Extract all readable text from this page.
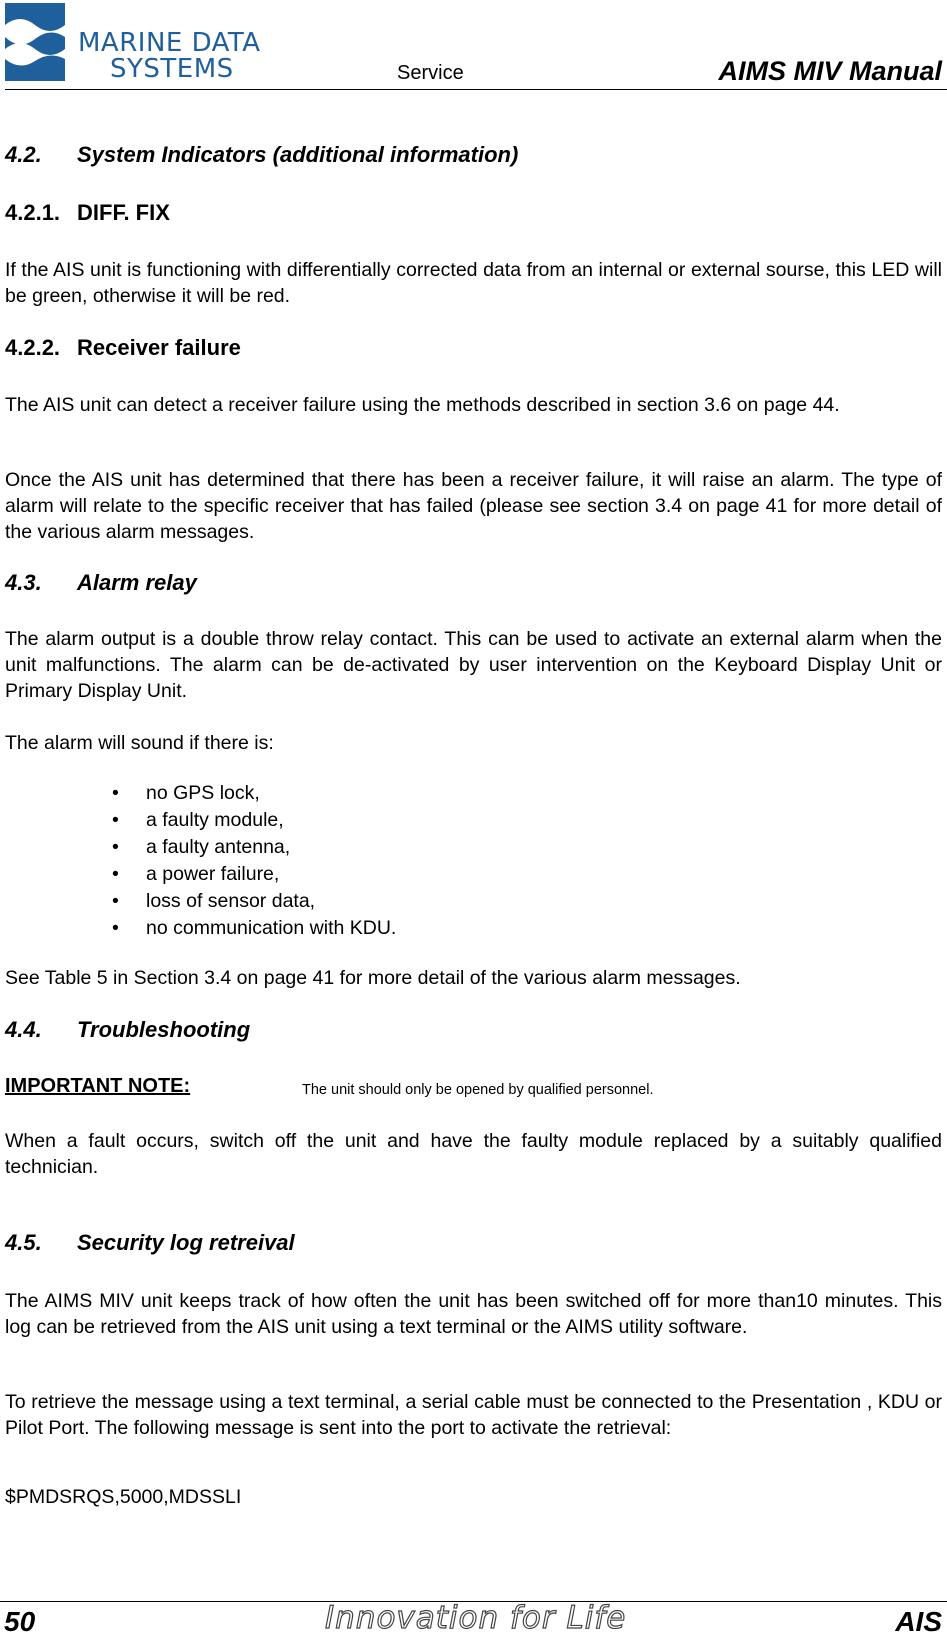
MARINE DATA
SYSTEMS	Service	AIMS MIV Manual
4.2. System Indicators (additional information)
4.2.1. DIFF. FIX

If the AIS unit is functioning with differentially corrected data from an internal or external sourse, this LED will be green, otherwise it will be red.

4.2.2. Receiver failure

The AIS unit can detect a receiver failure using the methods described in section 3.6 on page 44.

Once the AIS unit has determined that there has been a receiver failure, it will raise an alarm. The type of alarm will relate to the specific receiver that has failed (please see section 3.4 on page 41 for more detail of the various alarm messages.

4.3. Alarm relay

The alarm output is a double throw relay contact. This can be used to activate an external alarm when the unit malfunctions. The alarm can be de-activated by user intervention on the Keyboard Display Unit or Primary Display Unit.

The alarm will sound if there is:

• no GPS lock,
• a faulty module,
• a faulty antenna,
• a power failure,
• loss of sensor data,
• no communication with KDU.

See Table 5 in Section 3.4 on page 41 for more detail of the various alarm messages.

4.4. Troubleshooting
IMPORTANT NOTE:	The unit should only be opened by qualified personnel.

When a fault occurs, switch off the unit and have the faulty module replaced by a suitably qualified technician.

4.5. Security log retreival

The AIMS MIV unit keeps track of how often the unit has been switched off for more than10 minutes. This log can be retrieved from the AIS unit using a text terminal or the AIMS utility software.

To retrieve the message using a text terminal, a serial cable must be connected to the Presentation , KDU or Pilot Port. The following message is sent into the port to activate the retrieval:

$PMDSRQS,5000,MDSSLI
50	Innovation for Life	AIS
